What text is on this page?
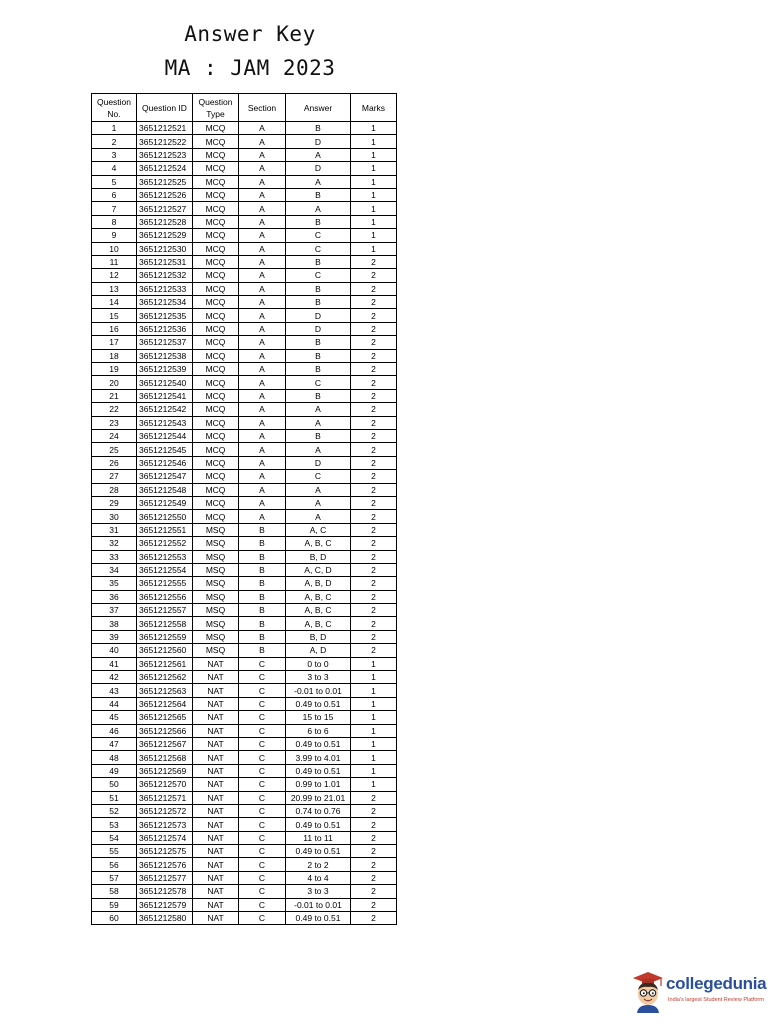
Answer Key
MA : JAM 2023
Question No.	Question ID	Question Type	Section	Answer	Marks
1	3651212521	MCQ	A	B	1
2	3651212522	MCQ	A	D	1
3	3651212523	MCQ	A	A	1
4	3651212524	MCQ	A	D	1
5	3651212525	MCQ	A	A	1
6	3651212526	MCQ	A	B	1
7	3651212527	MCQ	A	A	1
8	3651212528	MCQ	A	B	1
9	3651212529	MCQ	A	C	1
10	3651212530	MCQ	A	C	1
11	3651212531	MCQ	A	B	2
12	3651212532	MCQ	A	C	2
13	3651212533	MCQ	A	B	2
14	3651212534	MCQ	A	B	2
15	3651212535	MCQ	A	D	2
16	3651212536	MCQ	A	D	2
17	3651212537	MCQ	A	B	2
18	3651212538	MCQ	A	B	2
19	3651212539	MCQ	A	B	2
20	3651212540	MCQ	A	C	2
21	3651212541	MCQ	A	B	2
22	3651212542	MCQ	A	A	2
23	3651212543	MCQ	A	A	2
24	3651212544	MCQ	A	B	2
25	3651212545	MCQ	A	A	2
26	3651212546	MCQ	A	D	2
27	3651212547	MCQ	A	C	2
28	3651212548	MCQ	A	A	2
29	3651212549	MCQ	A	A	2
30	3651212550	MCQ	A	A	2
31	3651212551	MSQ	B	A, C	2
32	3651212552	MSQ	B	A, B, C	2
33	3651212553	MSQ	B	B, D	2
34	3651212554	MSQ	B	A, C, D	2
35	3651212555	MSQ	B	A, B, D	2
36	3651212556	MSQ	B	A, B, C	2
37	3651212557	MSQ	B	A, B, C	2
38	3651212558	MSQ	B	A, B, C	2
39	3651212559	MSQ	B	B, D	2
40	3651212560	MSQ	B	A, D	2
41	3651212561	NAT	C	0 to 0	1
42	3651212562	NAT	C	3 to 3	1
43	3651212563	NAT	C	-0.01 to 0.01	1
44	3651212564	NAT	C	0.49 to 0.51	1
45	3651212565	NAT	C	15 to 15	1
46	3651212566	NAT	C	6 to 6	1
47	3651212567	NAT	C	0.49 to 0.51	1
48	3651212568	NAT	C	3.99 to 4.01	1
49	3651212569	NAT	C	0.49 to 0.51	1
50	3651212570	NAT	C	0.99 to 1.01	1
51	3651212571	NAT	C	20.99 to 21.01	2
52	3651212572	NAT	C	0.74 to 0.76	2
53	3651212573	NAT	C	0.49 to 0.51	2
54	3651212574	NAT	C	11 to 11	2
55	3651212575	NAT	C	0.49 to 0.51	2
56	3651212576	NAT	C	2 to 2	2
57	3651212577	NAT	C	4 to 4	2
58	3651212578	NAT	C	3 to 3	2
59	3651212579	NAT	C	-0.01 to 0.01	2
60	3651212580	NAT	C	0.49 to 0.51	2
collegedunia
India's largest Student Review Platform
